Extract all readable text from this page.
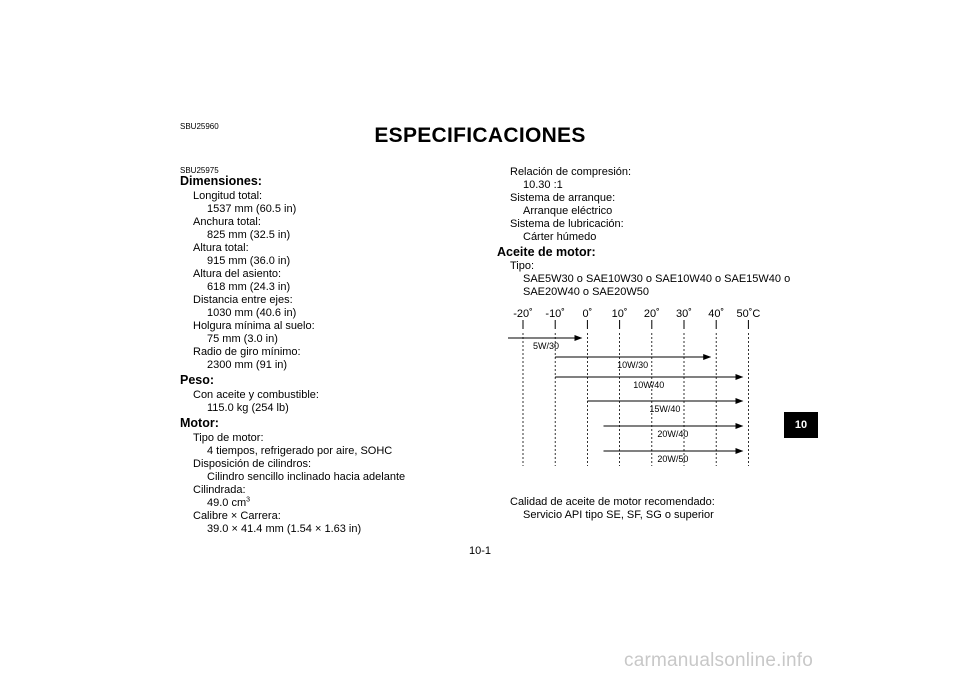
SBU25960	ESPECIFICACIONES
SBU25975
Dimensiones:
Longitud total:
1537 mm (60.5 in)
Anchura total:
825 mm (32.5 in)
Altura total:
915 mm (36.0 in)
Altura del asiento:
618 mm (24.3 in)
Distancia entre ejes:
1030 mm (40.6 in)
Holgura mínima al suelo:
75 mm (3.0 in)
Radio de giro mínimo:
2300 mm (91 in)
Peso:
Con aceite y combustible:
115.0 kg (254 lb)
Motor:
Tipo de motor:
4 tiempos, refrigerado por aire, SOHC
Disposición de cilindros:
Cilindro sencillo inclinado hacia adelante
Cilindrada:
49.0 $cm^3$
Calibre × Carrera:
39.0 × 41.4 mm (1.54 × 1.63 in)
Relación de compresión:
10.30 :1
Sistema de arranque:
Arranque eléctrico
Sistema de lubricación:
Cárter húmedo
Aceite de motor:
Tipo:
SAE5W30 o SAE10W30 o SAE10W40 o SAE15W40 o
SAE20W40 o SAE20W50
-20˚ -10˚ 0˚ 10˚ 20˚ 30˚ 40˚ 50˚C
5W/30
10W/30
10W/40
15W/40
20W/40
20W/50
Calidad de aceite de motor recomendado:
Servicio API tipo SE, SF, SG o superior
10
10-1
carmanualsonline.info
